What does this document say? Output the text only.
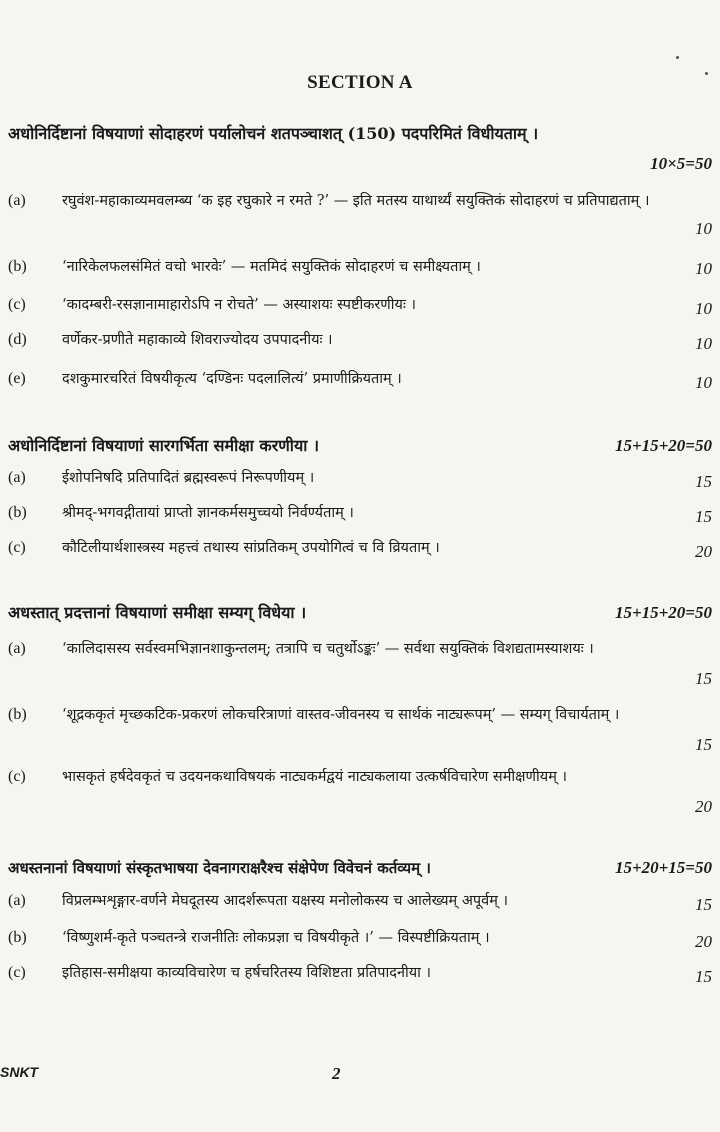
SECTION A
अधोनिर्दिष्टानां विषयाणां सोदाहरणं पर्यालोचनं शतपञ्चाशत् (150) पदपरिमितं विधीयताम् ।
10×5=50
(a) रघुवंश-महाकाव्यमवलम्ब्य ‘क इह रघुकारे न रमते ?’ — इति मतस्य याथार्थ्यं सयुक्तिकं सोदाहरणं च प्रतिपाद्यताम् ।
10
(b) ‘नारिकेलफलसंमितं वचो भारवेः’ — मतमिदं सयुक्तिकं सोदाहरणं च समीक्ष्यताम् ।	10
(c) ‘कादम्बरी-रसज्ञानामाहारोऽपि न रोचते’ — अस्याशयः स्पष्टीकरणीयः ।	10
(d) वर्णेकर-प्रणीते महाकाव्ये शिवराज्योदय उपपादनीयः ।	10
(e) दशकुमारचरितं विषयीकृत्य ‘दण्डिनः पदलालित्यं’ प्रमाणीक्रियताम् ।	10
अधोनिर्दिष्टानां विषयाणां सारगर्भिता समीक्षा करणीया ।	15+15+20=50
(a) ईशोपनिषदि प्रतिपादितं ब्रह्मस्वरूपं निरूपणीयम् ।	15
(b) श्रीमद्-भगवद्गीतायां प्राप्तो ज्ञानकर्मसमुच्चयो निर्वर्ण्यताम् ।	15
(c) कौटिलीयार्थशास्त्रस्य महत्त्वं तथास्य सांप्रतिकम् उपयोगित्वं च वि व्रियताम् ।	20
अधस्तात् प्रदत्तानां विषयाणां समीक्षा सम्यग् विधेया ।	15+15+20=50
(a) ‘कालिदासस्य सर्वस्वमभिज्ञानशाकुन्तलम्; तत्रापि च चतुर्थोऽङ्कः’ — सर्वथा सयुक्तिकं विशद्यतामस्याशयः ।
15
(b) ‘शूद्रककृतं मृच्छकटिक-प्रकरणं लोकचरित्राणां वास्तव-जीवनस्य च सार्थकं नाट्यरूपम्’ — सम्यग् विचार्यताम् ।
15
(c) भासकृतं हर्षदेवकृतं च उदयनकथाविषयकं नाट्यकर्मद्वयं नाट्यकलाया उत्कर्षविचारेण समीक्षणीयम् ।
20
अधस्तनानां विषयाणां संस्कृतभाषया देवनागराक्षरैश्च संक्षेपेण विवेचनं कर्तव्यम् ।	15+20+15=50
(a) विप्रलम्भशृङ्गार-वर्णने मेघदूतस्य आदर्शरूपता यक्षस्य मनोलोकस्य च आलेख्यम् अपूर्वम् ।	15
(b) ‘विष्णुशर्म-कृते पञ्चतन्त्रे राजनीतिः लोकप्रज्ञा च विषयीकृते ।’ — विस्पष्टीक्रियताम् ।	20
(c) इतिहास-समीक्षया काव्यविचारेण च हर्षचरितस्य विशिष्टता प्रतिपादनीया ।	15
SNKT	2
